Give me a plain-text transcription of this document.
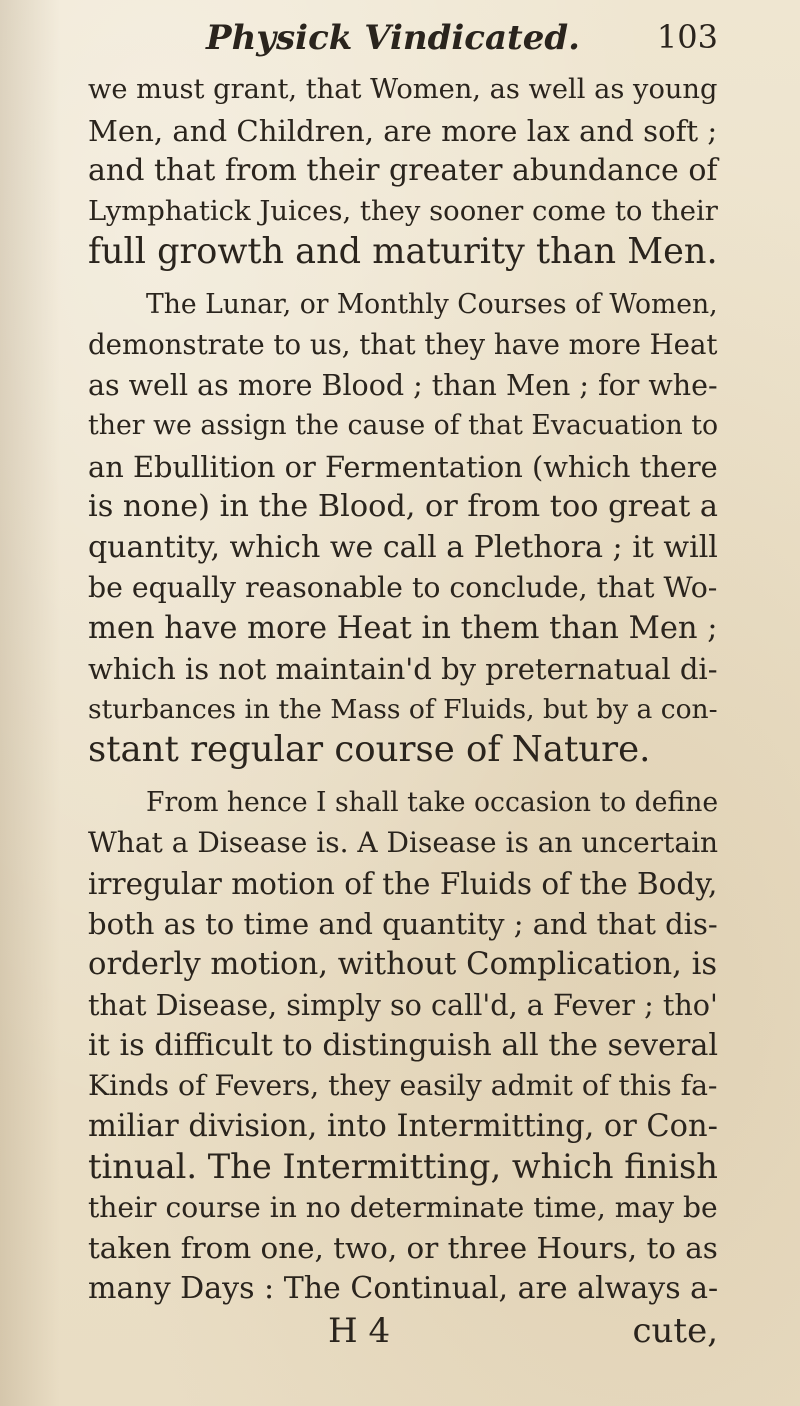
Physick Vindicated.	103

we must grant, that Women, as well as young
Men, and Children, are more lax and soft ;
and that from their greater abundance of
Lymphatick Juices, they sooner come to their
full growth and maturity than Men.

The Lunar, or Monthly Courses of Women,
demonstrate to us, that they have more Heat
as well as more Blood ; than Men ; for whe-
ther we assign the cause of that Evacuation to
an Ebullition or Fermentation (which there
is none) in the Blood, or from too great a
quantity, which we call a Plethora ; it will
be equally reasonable to conclude, that Wo-
men have more Heat in them than Men ;
which is not maintain'd by preternatual di-
sturbances in the Mass of Fluids, but by a con-
stant regular course of Nature.

From hence I shall take occasion to define
What a Disease is. A Disease is an uncertain
irregular motion of the Fluids of the Body,
both as to time and quantity ; and that dis-
orderly motion, without Complication, is
that Disease, simply so call'd, a Fever ; tho'
it is difficult to distinguish all the several
Kinds of Fevers, they easily admit of this fa-
miliar division, into Intermitting, or Con-
tinual. The Intermitting, which finish
their course in no determinate time, may be
taken from one, two, or three Hours, to as
many Days : The Continual, are always a-

H 4	cute,
